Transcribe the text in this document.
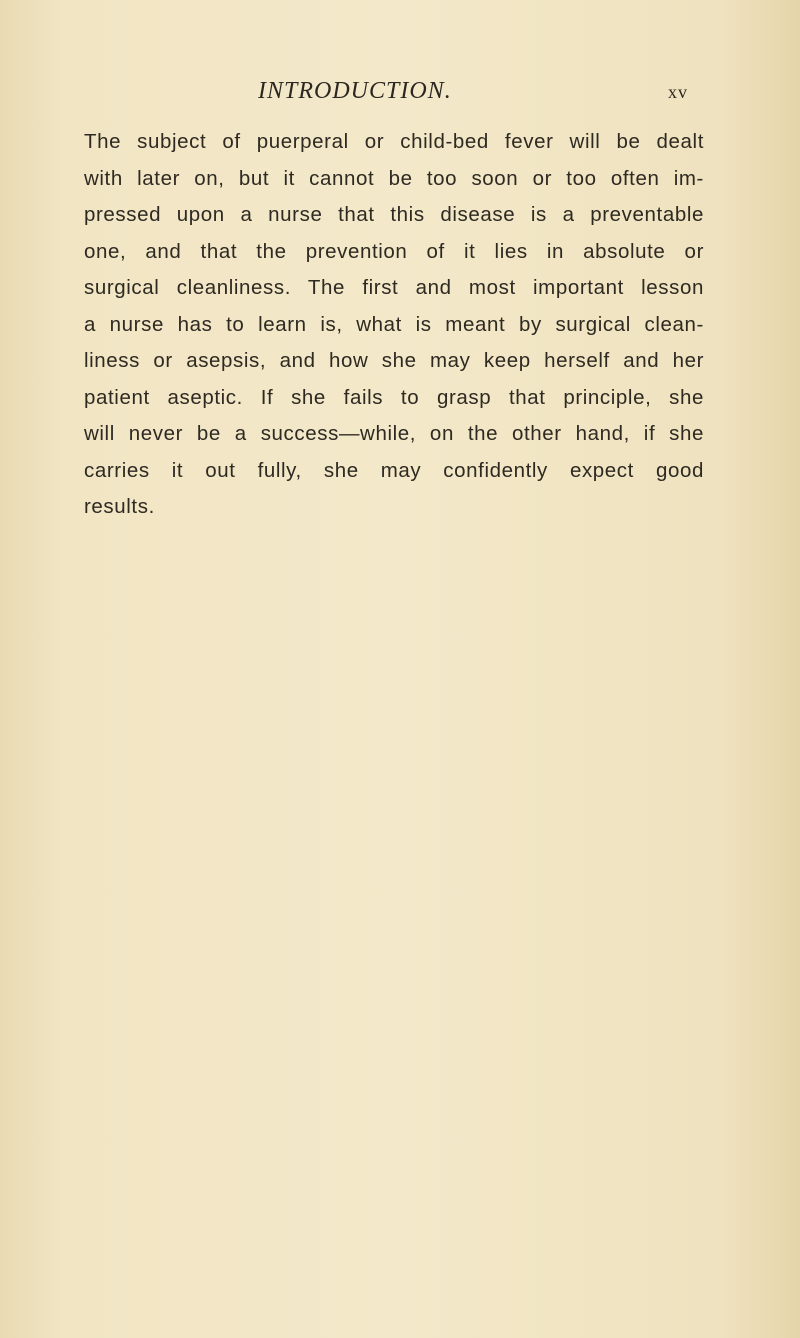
INTRODUCTION.	xv
The subject of puerperal or child-bed fever will be dealt
with later on, but it cannot be too soon or too often im-
pressed upon a nurse that this disease is a preventable
one, and that the prevention of it lies in absolute or
surgical cleanliness. The first and most important lesson
a nurse has to learn is, what is meant by surgical clean-
liness or asepsis, and how she may keep herself and her
patient aseptic. If she fails to grasp that principle, she
will never be a success—while, on the other hand, if she
carries it out fully, she may confidently expect good
results.
